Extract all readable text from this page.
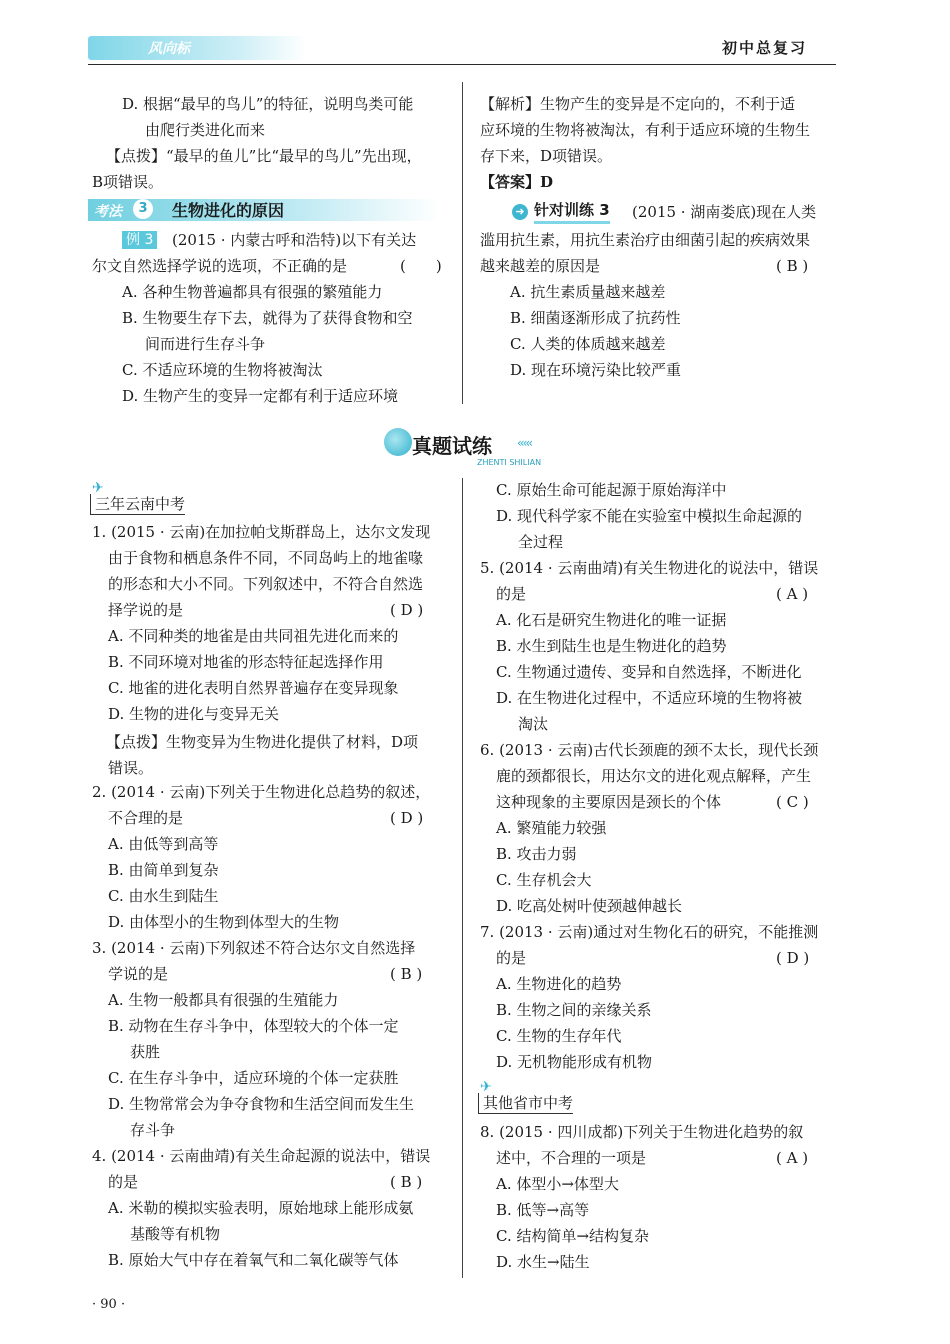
风向标	初中总复习
D. 根据“最早的鸟儿”的特征，说明鸟类可能
由爬行类进化而来
【点拨】“最早的鱼儿”比“最早的鸟儿”先出现，
B项错误。
考法	3	生物进化的原因
例 3 (2015 · 内蒙古呼和浩特)以下有关达
尔文自然选择学说的选项，不正确的是	(　　)
A. 各种生物普遍都具有很强的繁殖能力
B. 生物要生存下去，就得为了获得食物和空
间而进行生存斗争
C. 不适应环境的生物将被淘汰
D. 生物产生的变异一定都有利于适应环境
【解析】生物产生的变异是不定向的，不利于适
应环境的生物将被淘汰，有利于适应环境的生物生
存下来，D项错误。
【答案】D
➜ 针对训练 3 (2015 · 湖南娄底)现在人类
滥用抗生素，用抗生素治疗由细菌引起的疾病效果
越来越差的原因是	( B )
A. 抗生素质量越来越差
B. 细菌逐渐形成了抗药性
C. 人类的体质越来越差
D. 现在环境污染比较严重
真题试练 ‹‹‹‹‹
ZHENTI SHILIAN
✈
三年云南中考
1. (2015 · 云南)在加拉帕戈斯群岛上，达尔文发现
由于食物和栖息条件不同，不同岛屿上的地雀喙
的形态和大小不同。下列叙述中，不符合自然选
择学说的是	( D )
A. 不同种类的地雀是由共同祖先进化而来的
B. 不同环境对地雀的形态特征起选择作用
C. 地雀的进化表明自然界普遍存在变异现象
D. 生物的进化与变异无关
【点拨】生物变异为生物进化提供了材料，D项
错误。
2. (2014 · 云南)下列关于生物进化总趋势的叙述，
不合理的是	( D )
A. 由低等到高等
B. 由简单到复杂
C. 由水生到陆生
D. 由体型小的生物到体型大的生物
3. (2014 · 云南)下列叙述不符合达尔文自然选择
学说的是	( B )
A. 生物一般都具有很强的生殖能力
B. 动物在生存斗争中，体型较大的个体一定
获胜
C. 在生存斗争中，适应环境的个体一定获胜
D. 生物常常会为争夺食物和生活空间而发生生
存斗争
4. (2014 · 云南曲靖)有关生命起源的说法中，错误
的是	( B )
A. 米勒的模拟实验表明，原始地球上能形成氨
基酸等有机物
B. 原始大气中存在着氧气和二氧化碳等气体
C. 原始生命可能起源于原始海洋中
D. 现代科学家不能在实验室中模拟生命起源的
全过程
5. (2014 · 云南曲靖)有关生物进化的说法中，错误
的是	( A )
A. 化石是研究生物进化的唯一证据
B. 水生到陆生也是生物进化的趋势
C. 生物通过遗传、变异和自然选择，不断进化
D. 在生物进化过程中，不适应环境的生物将被
淘汰
6. (2013 · 云南)古代长颈鹿的颈不太长，现代长颈
鹿的颈都很长，用达尔文的进化观点解释，产生
这种现象的主要原因是颈长的个体	( C )
A. 繁殖能力较强
B. 攻击力弱
C. 生存机会大
D. 吃高处树叶使颈越伸越长
7. (2013 · 云南)通过对生物化石的研究，不能推测
的是	( D )
A. 生物进化的趋势
B. 生物之间的亲缘关系
C. 生物的生存年代
D. 无机物能形成有机物
✈
其他省市中考
8. (2015 · 四川成都)下列关于生物进化趋势的叙
述中，不合理的一项是	( A )
A. 体型小→体型大
B. 低等→高等
C. 结构简单→结构复杂
D. 水生→陆生
· 90 ·
